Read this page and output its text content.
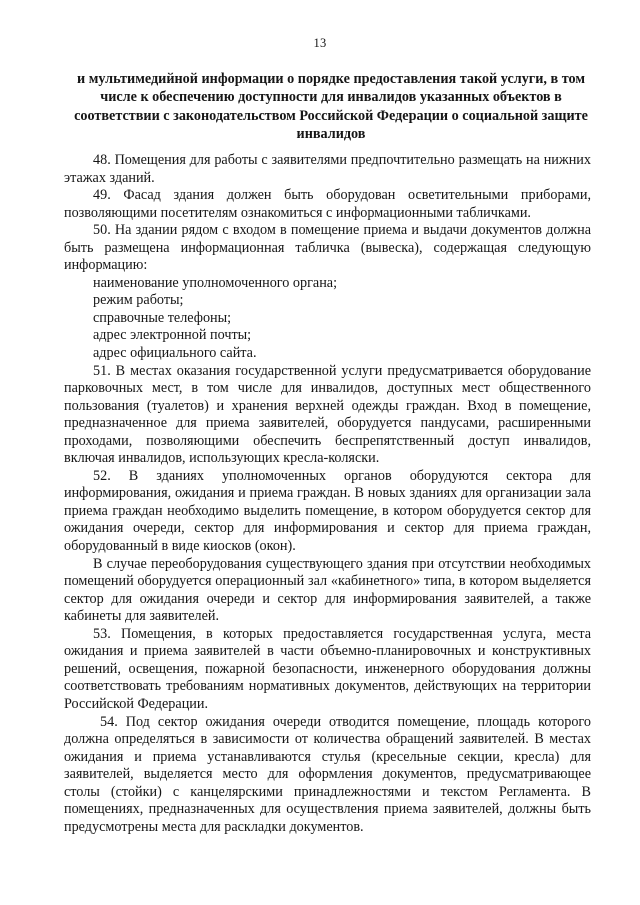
13
и мультимедийной информации о порядке предоставления такой услуги, в том числе к обеспечению доступности для инвалидов указанных объектов в соответствии с законодательством Российской Федерации о социальной защите инвалидов

48. Помещения для работы с заявителями предпочтительно размещать на нижних этажах зданий.

49. Фасад здания должен быть оборудован осветительными приборами, позволяющими посетителям ознакомиться с информационными табличками.

50. На здании рядом с входом в помещение приема и выдачи документов должна быть размещена информационная табличка (вывеска), содержащая следующую информацию:

наименование уполномоченного органа;

режим работы;

справочные телефоны;

адрес электронной почты;

адрес официального сайта.

51. В местах оказания государственной услуги предусматривается оборудование парковочных мест, в том числе для инвалидов, доступных мест общественного пользования (туалетов) и хранения верхней одежды граждан. Вход в помещение, предназначенное для приема заявителей, оборудуется пандусами, расширенными проходами, позволяющими обеспечить беспрепятственный доступ инвалидов, включая инвалидов, использующих кресла-коляски.

52. В зданиях уполномоченных органов оборудуются сектора для информирования, ожидания и приема граждан. В новых зданиях для организации зала приема граждан необходимо выделить помещение, в котором оборудуется сектор для ожидания очереди, сектор для информирования и сектор для приема граждан, оборудованный в виде киосков (окон).

В случае переоборудования существующего здания при отсутствии необходимых помещений оборудуется операционный зал «кабинетного» типа, в котором выделяется сектор для ожидания очереди и сектор для информирования заявителей, а также кабинеты для заявителей.

53. Помещения, в которых предоставляется государственная услуга, места ожидания и приема заявителей в части объемно-планировочных и конструктивных решений, освещения, пожарной безопасности, инженерного оборудования должны соответствовать требованиям нормативных документов, действующих на территории Российской Федерации.

54. Под сектор ожидания очереди отводится помещение, площадь которого должна определяться в зависимости от количества обращений заявителей. В местах ожидания и приема устанавливаются стулья (кресельные секции, кресла) для заявителей, выделяется место для оформления документов, предусматривающее столы (стойки) с канцелярскими принадлежностями и текстом Регламента. В помещениях, предназначенных для осуществления приема заявителей, должны быть предусмотрены места для раскладки документов.
